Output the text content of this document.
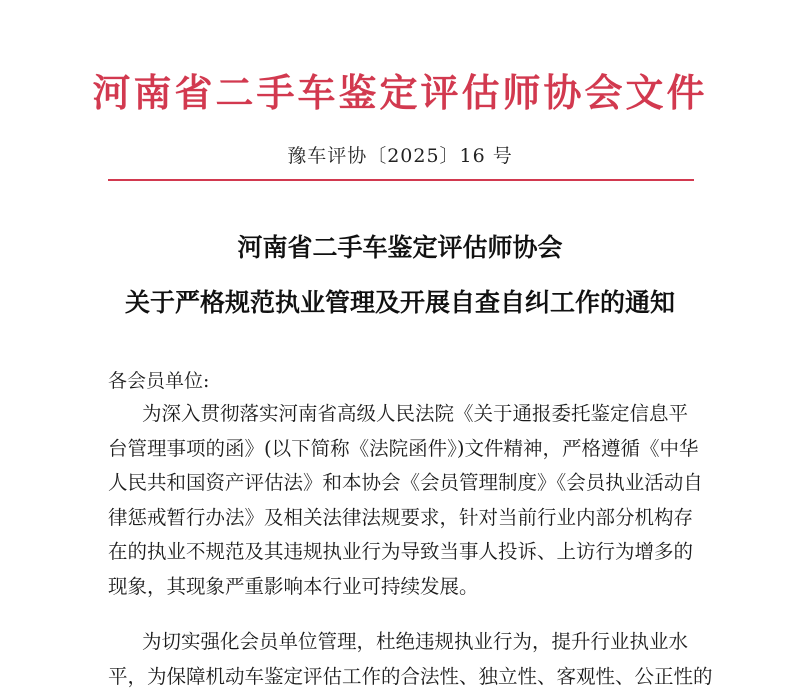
河南省二手车鉴定评估师协会文件
豫车评协〔2025〕16 号
河南省二手车鉴定评估师协会
关于严格规范执业管理及开展自查自纠工作的通知
各会员单位:
为深入贯彻落实河南省高级人民法院《关于通报委托鉴定信息平
台管理事项的函》(以下简称《法院函件》)文件精神，严格遵循《中华
人民共和国资产评估法》和本协会《会员管理制度》《会员执业活动自
律惩戒暂行办法》及相关法律法规要求，针对当前行业内部分机构存
在的执业不规范及其违规执业行为导致当事人投诉、上访行为增多的
现象，其现象严重影响本行业可持续发展。
为切实强化会员单位管理，杜绝违规执业行为，提升行业执业水
平，为保障机动车鉴定评估工作的合法性、独立性、客观性、公正性的
